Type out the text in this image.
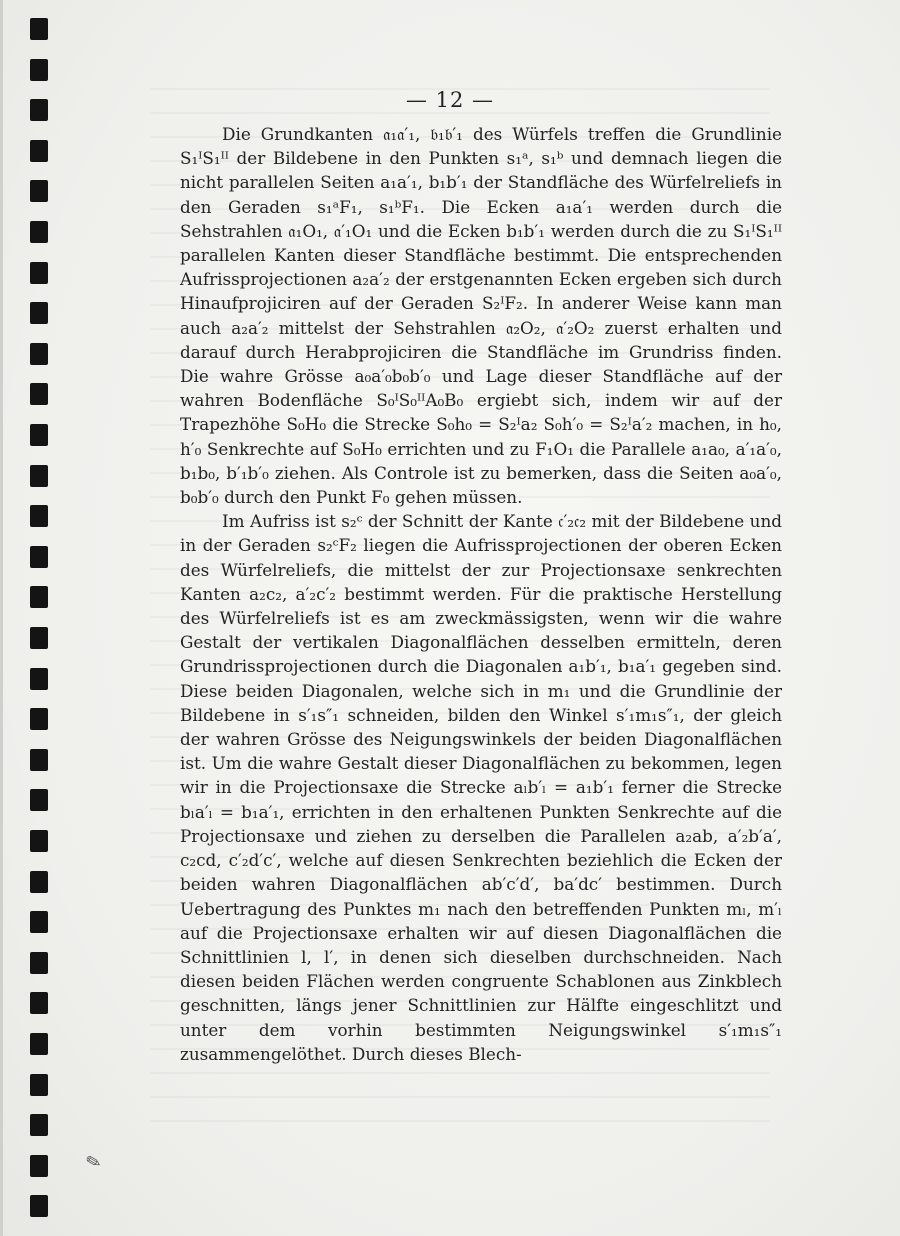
— 12 —

Die Grundkanten 𝔞₁𝔞′₁, 𝔟₁𝔟′₁ des Würfels treffen die Grundlinie S₁ᴵS₁ᴵᴵ der Bildebene in den Punkten s₁ᵃ, s₁ᵇ und demnach liegen die nicht parallelen Seiten a₁a′₁, b₁b′₁ der Standfläche des Würfelreliefs in den Geraden s₁ᵃF₁, s₁ᵇF₁. Die Ecken a₁a′₁ werden durch die Sehstrahlen 𝔞₁O₁, 𝔞′₁O₁ und die Ecken b₁b′₁ werden durch die zu S₁ᴵS₁ᴵᴵ parallelen Kanten dieser Standfläche bestimmt. Die entsprechenden Aufrissprojectionen a₂a′₂ der erstgenannten Ecken ergeben sich durch Hinaufprojiciren auf der Geraden S₂ᴵF₂. In anderer Weise kann man auch a₂a′₂ mittelst der Sehstrahlen 𝔞₂O₂, 𝔞′₂O₂ zuerst erhalten und darauf durch Herabprojiciren die Standfläche im Grundriss finden. Die wahre Grösse a₀a′₀b₀b′₀ und Lage dieser Standfläche auf der wahren Bodenfläche S₀ᴵS₀ᴵᴵA₀B₀ ergiebt sich, indem wir auf der Trapezhöhe S₀H₀ die Strecke S₀h₀ = S₂ᴵa₂ S₀h′₀ = S₂ᴵa′₂ machen, in h₀, h′₀ Senkrechte auf S₀H₀ errichten und zu F₁O₁ die Parallele a₁a₀, a′₁a′₀, b₁b₀, b′₁b′₀ ziehen. Als Controle ist zu bemerken, dass die Seiten a₀a′₀, b₀b′₀ durch den Punkt F₀ gehen müssen.

Im Aufriss ist s₂ᶜ der Schnitt der Kante 𝔠′₂𝔠₂ mit der Bildebene und in der Geraden s₂ᶜF₂ liegen die Aufrissprojectionen der oberen Ecken des Würfelreliefs, die mittelst der zur Projectionsaxe senkrechten Kanten a₂c₂, a′₂c′₂ bestimmt werden. Für die praktische Herstellung des Würfelreliefs ist es am zweckmässigsten, wenn wir die wahre Gestalt der vertikalen Diagonalflächen desselben ermitteln, deren Grundrissprojectionen durch die Diagonalen a₁b′₁, b₁a′₁ gegeben sind. Diese beiden Diagonalen, welche sich in m₁ und die Grundlinie der Bildebene in s′₁s″₁ schneiden, bilden den Winkel s′₁m₁s″₁, der gleich der wahren Grösse des Neigungswinkels der beiden Diagonalflächen ist. Um die wahre Gestalt dieser Diagonalflächen zu bekommen, legen wir in die Projectionsaxe die Strecke aₗb′ₗ = a₁b′₁ ferner die Strecke bₗa′ₗ = b₁a′₁, errichten in den erhaltenen Punkten Senkrechte auf die Projectionsaxe und ziehen zu derselben die Parallelen a₂ab, a′₂b′a′, c₂cd, c′₂d′c′, welche auf diesen Senkrechten beziehlich die Ecken der beiden wahren Diagonalflächen ab′c′d′, ba′dc′ bestimmen. Durch Uebertragung des Punktes m₁ nach den betreffenden Punkten mₗ, m′ₗ auf die Projectionsaxe erhalten wir auf diesen Diagonalflächen die Schnittlinien l, l′, in denen sich dieselben durchschneiden. Nach diesen beiden Flächen werden congruente Schablonen aus Zinkblech geschnitten, längs jener Schnittlinien zur Hälfte eingeschlitzt und unter dem vorhin bestimmten Neigungswinkel s′₁m₁s″₁ zusammengelöthet. Durch dieses Blech-

✎
